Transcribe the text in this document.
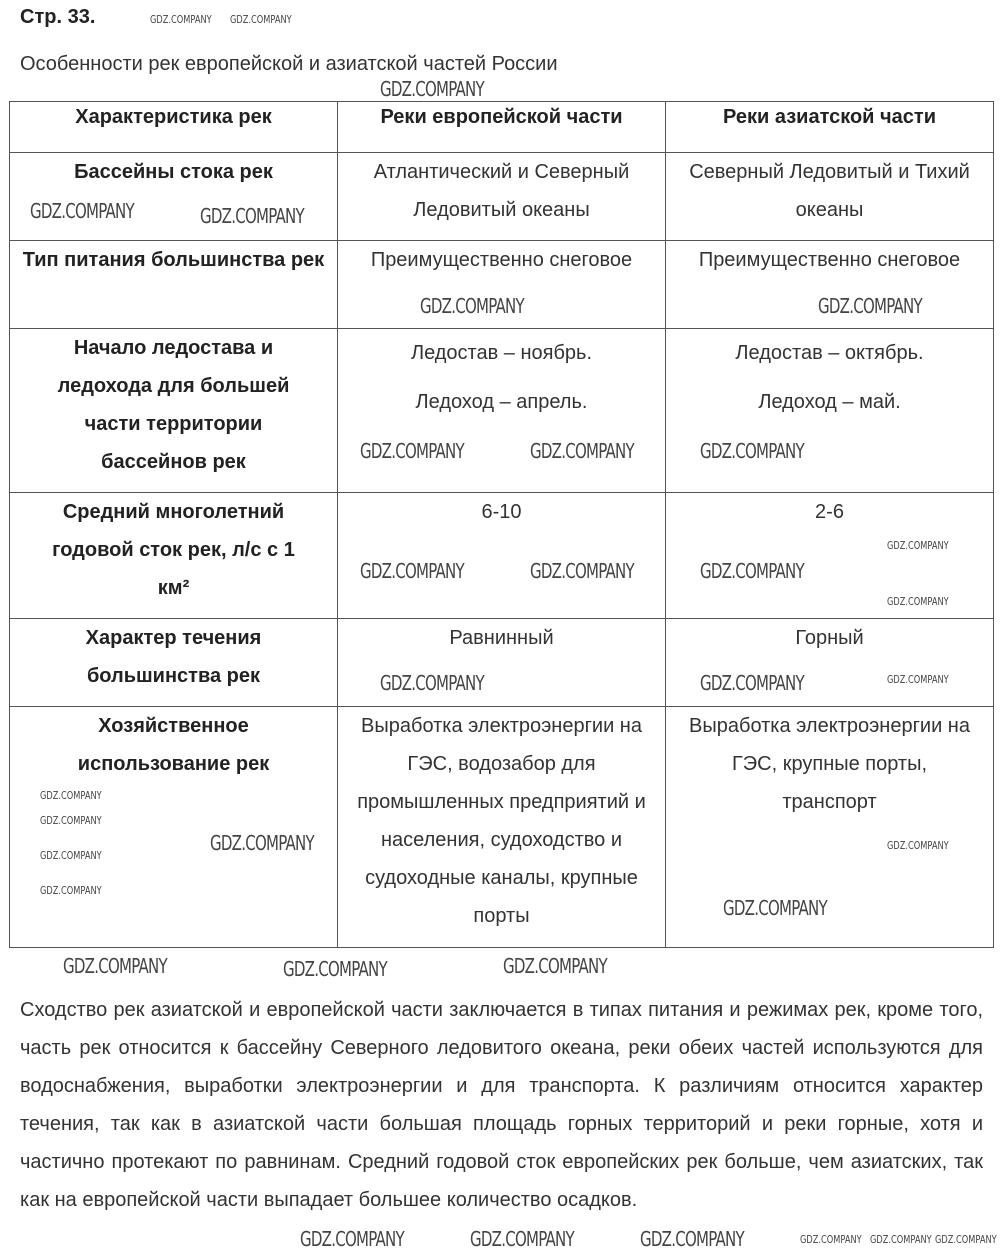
Стр. 33.
Особенности рек европейской и азиатской частей России
Характеристика рек	Реки европейской части	Реки азиатской части
Бассейны стока рек	Атлантический и Северный Ледовитый океаны	Северный Ледовитый и Тихий океаны
Тип питания большинства рек	Преимущественно снеговое	Преимущественно снеговое
Начало ледостава и ледохода для большей части территории бассейнов рек	Ледостав – ноябрь. Ледоход – апрель.	Ледостав – октябрь. Ледоход – май.
Средний многолетний годовой сток рек, л/с с 1 км²	6-10	2-6
Характер течения большинства рек	Равнинный	Горный
Хозяйственное использование рек	Выработка электроэнергии на ГЭС, водозабор для промышленных предприятий и населения, судоходство и судоходные каналы, крупные порты	Выработка электроэнергии на ГЭС, крупные порты, транспорт
Сходство рек азиатской и европейской части заключается в типах питания и режимах рек, кроме того, часть рек относится к бассейну Северного ледовитого океана, реки обеих частей используются для водоснабжения, выработки электроэнергии и для транспорта. К различиям относится характер течения, так как в азиатской части большая площадь горных территорий и реки горные, хотя и частично протекают по равнинам. Средний годовой сток европейских рек больше, чем азиатских, так как на европейской части выпадает большее количество осадков.
GDZ.COMPANY
GDZ.COMPANY	GDZ.COMPANY
GDZ.COMPANY	GDZ.COMPANY
GDZ.COMPANY	GDZ.COMPANY	GDZ.COMPANY
GDZ.COMPANY	GDZ.COMPANY	GDZ.COMPANY
GDZ.COMPANY	GDZ.COMPANY
GDZ.COMPANY
GDZ.COMPANY
GDZ.COMPANY
GDZ.COMPANY
GDZ.COMPANY
GDZ.COMPANY	GDZ.COMPANY	GDZ.COMPANY
GDZ.COMPANY GDZ.COMPANY
GDZ.COMPANY
GDZ.COMPANY
GDZ.COMPANY
GDZ.COMPANY
GDZ.COMPANY
GDZ.COMPANY
GDZ.COMPANY
GDZ.COMPANY
GDZ.COMPANY GDZ.COMPANY GDZ.COMPANY
